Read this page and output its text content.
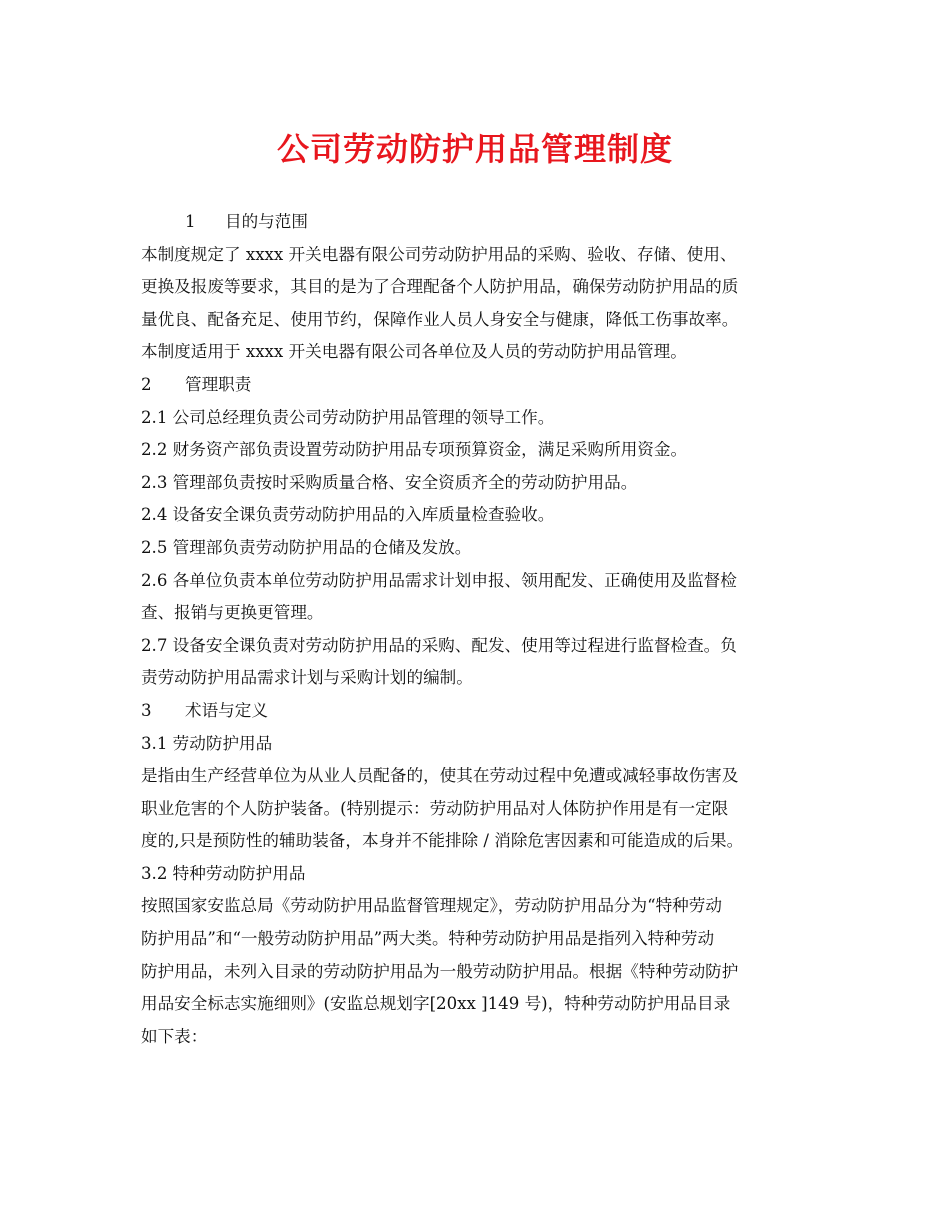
公司劳动防护用品管理制度
1 目的与范围
本制度规定了 xxxx 开关电器有限公司劳动防护用品的采购、验收、存储、使用、
更换及报废等要求，其目的是为了合理配备个人防护用品，确保劳动防护用品的质
量优良、配备充足、使用节约，保障作业人员人身安全与健康，降低工伤事故率。
本制度适用于 xxxx 开关电器有限公司各单位及人员的劳动防护用品管理。
2 管理职责
2.1 公司总经理负责公司劳动防护用品管理的领导工作。
2.2 财务资产部负责设置劳动防护用品专项预算资金，满足采购所用资金。
2.3 管理部负责按时采购质量合格、安全资质齐全的劳动防护用品。
2.4 设备安全课负责劳动防护用品的入库质量检查验收。
2.5 管理部负责劳动防护用品的仓储及发放。
2.6 各单位负责本单位劳动防护用品需求计划申报、领用配发、正确使用及监督检
查、报销与更换更管理。
2.7 设备安全课负责对劳动防护用品的采购、配发、使用等过程进行监督检查。负
责劳动防护用品需求计划与采购计划的编制。
3 术语与定义
3.1 劳动防护用品
是指由生产经营单位为从业人员配备的，使其在劳动过程中免遭或减轻事故伤害及
职业危害的个人防护装备。(特别提示：劳动防护用品对人体防护作用是有一定限
度的,只是预防性的辅助装备，本身并不能排除 / 消除危害因素和可能造成的后果。
3.2 特种劳动防护用品
按照国家安监总局《劳动防护用品监督管理规定》，劳动防护用品分为“特种劳动
防护用品”和“一般劳动防护用品”两大类。特种劳动防护用品是指列入特种劳动
防护用品，未列入目录的劳动防护用品为一般劳动防护用品。根据《特种劳动防护
用品安全标志实施细则》(安监总规划字[20xx ]149 号)，特种劳动防护用品目录
如下表：
